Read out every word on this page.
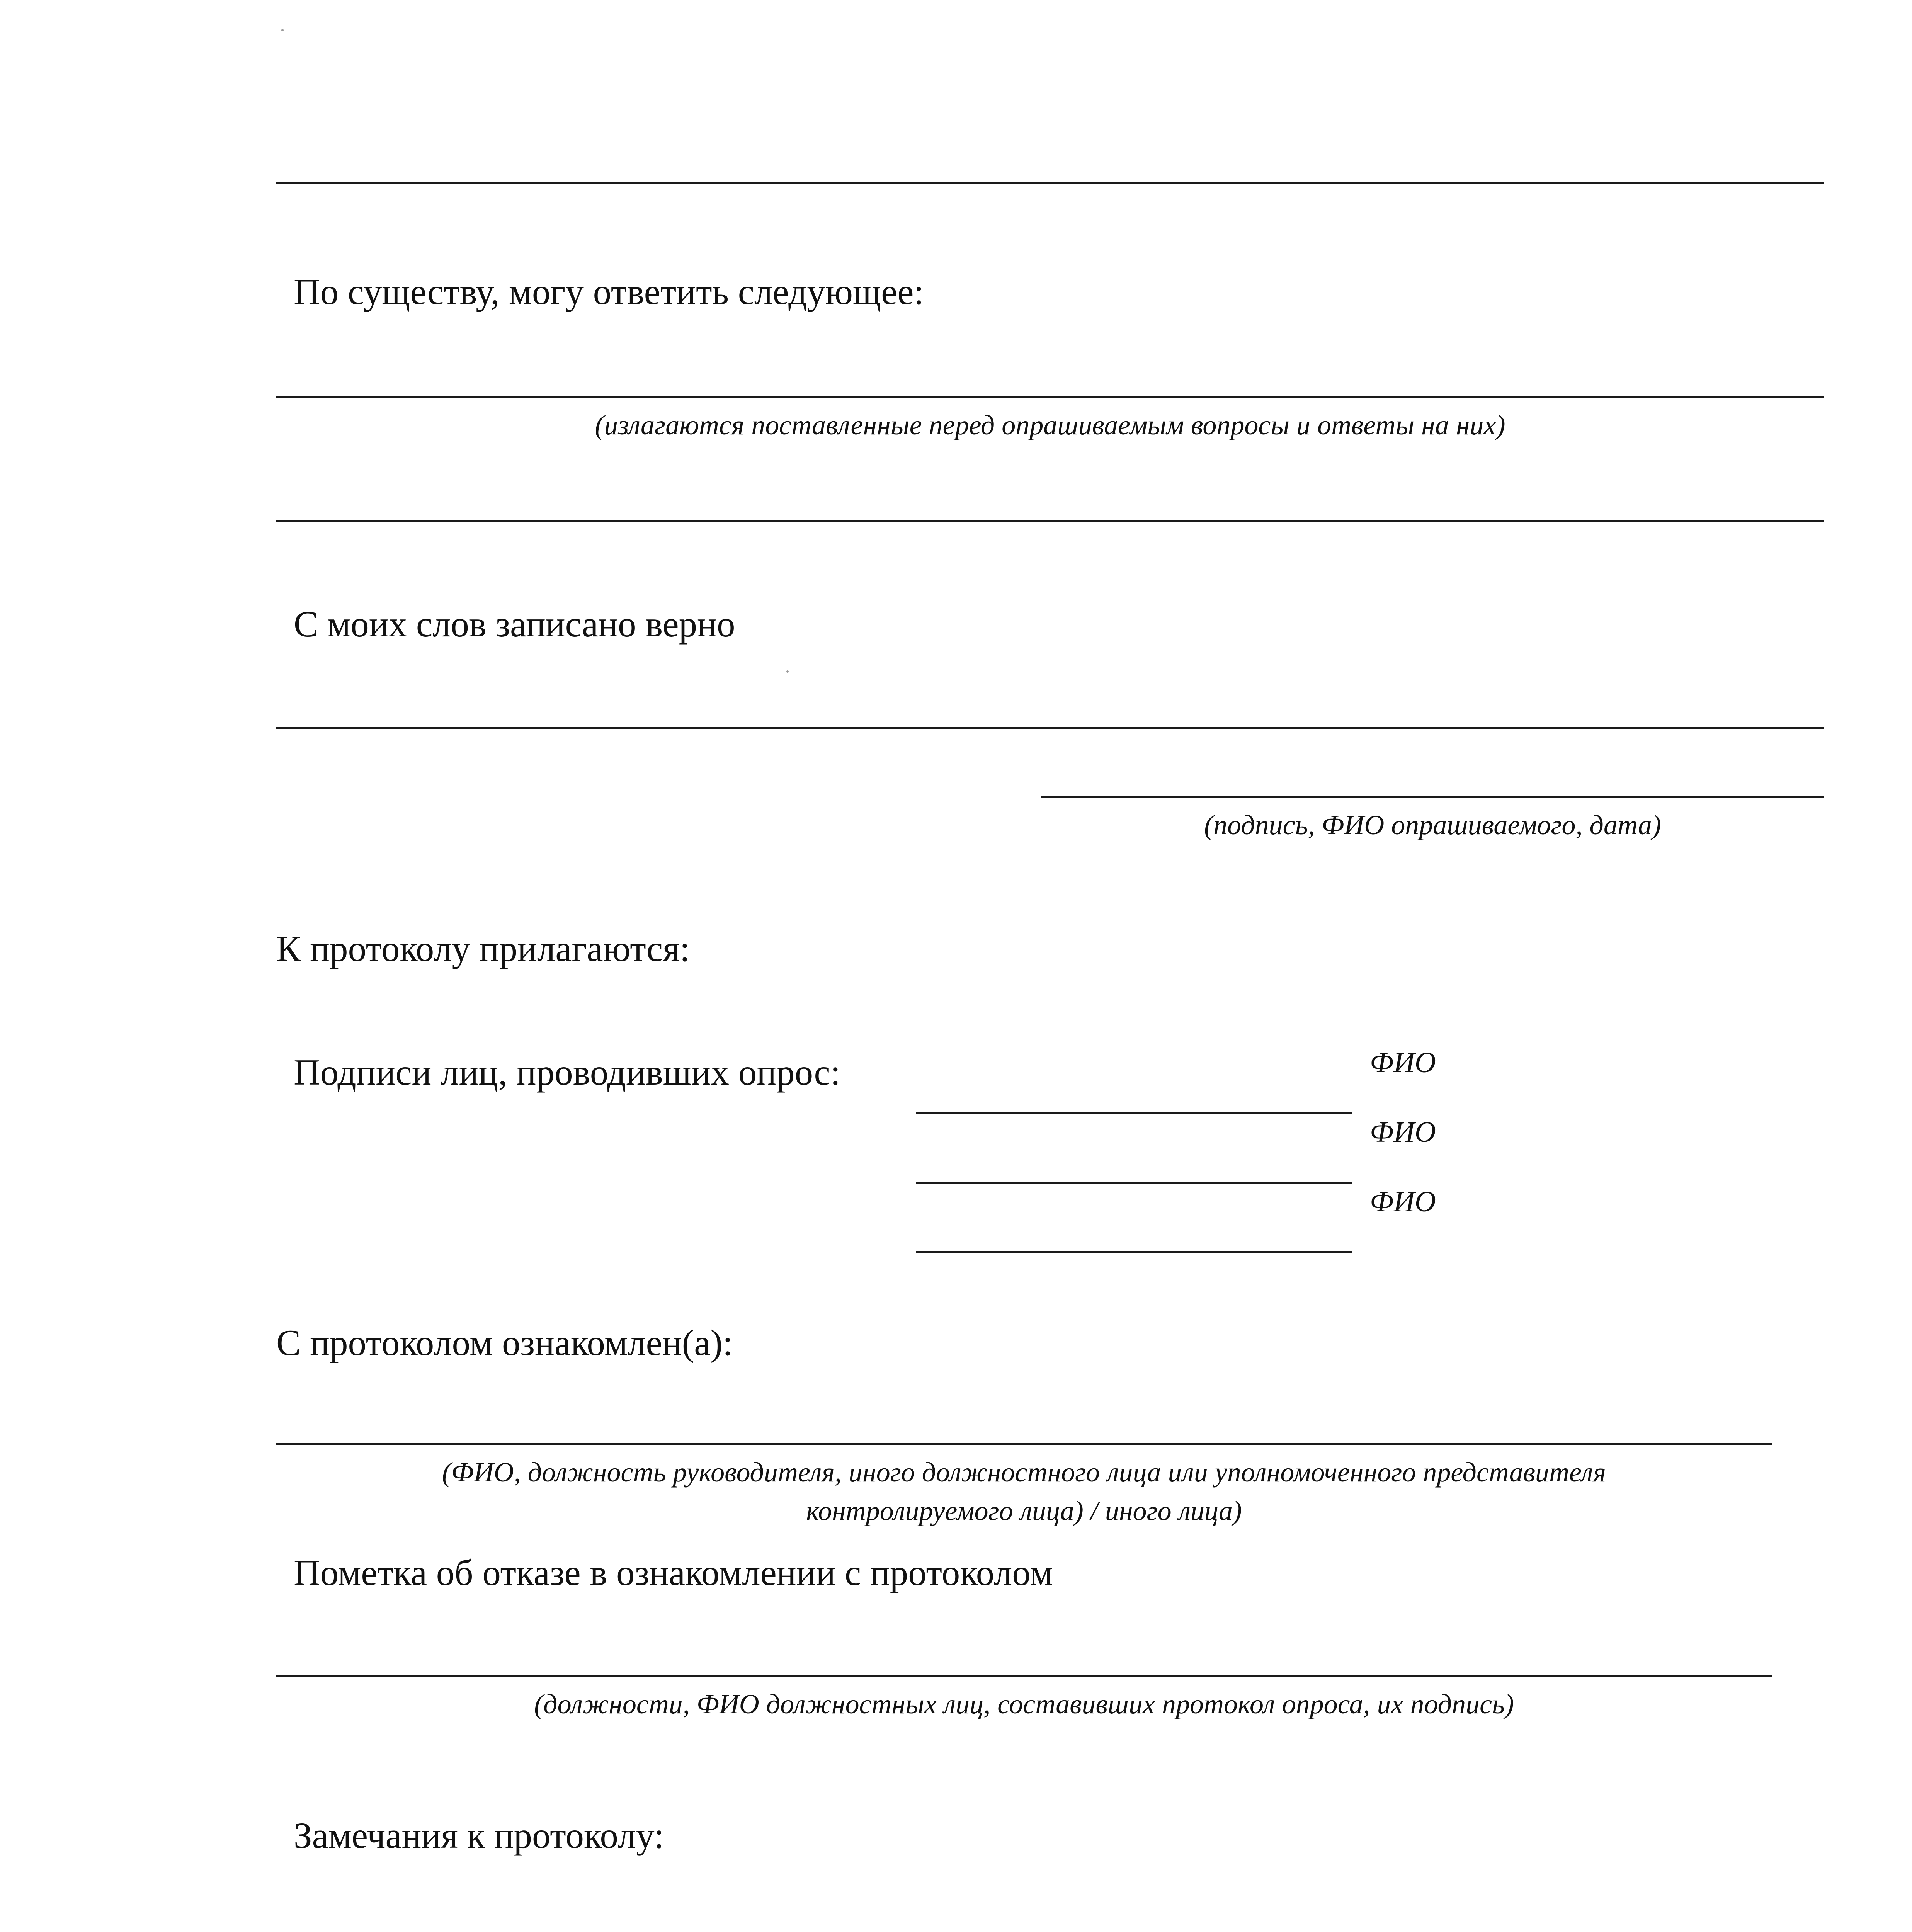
По существу, могу ответить следующее:
(излагаются поставленные перед опрашиваемым вопросы и ответы на них)
С моих слов записано верно
(подпись, ФИО опрашиваемого, дата)
К протоколу прилагаются:
Подписи лиц, проводивших опрос:	ФИО
ФИО
ФИО
С протоколом ознакомлен(а):
(ФИО, должность руководителя, иного должностного лица или уполномоченного представителя
контролируемого лица) / иного лица)
Пометка об отказе в ознакомлении с протоколом
(должности, ФИО должностных лиц, составивших протокол опроса, их подпись)
Замечания к протоколу:
